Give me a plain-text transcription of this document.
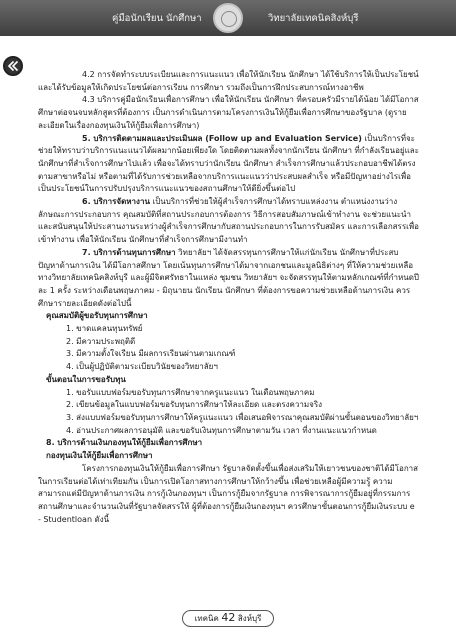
คู่มือนักเรียน นักศึกษา	วิทยาลัยเทคนิคสิงห์บุรี

4.2 การจัดทำระบบระเบียนและการแนะแนว เพื่อให้นักเรียน นักศึกษา ได้ใช้บริการให้เป็นประโยชน์และได้รับข้อมูลให้เกิดประโยชน์ต่อการเรียน การศึกษา รวมถึงเป็นการฝึกประสบการณ์ทางอาชีพ

4.3 บริการคู่มือนักเรียนเพื่อการศึกษา เพื่อให้นักเรียน นักศึกษา ที่ครอบครัวมีรายได้น้อย ได้มีโอกาสศึกษาต่อจนจบหลักสูตรที่ต้องการ เป็นการดำเนินการตามโครงการเงินให้กู้ยืมเพื่อการศึกษาของรัฐบาล (ดูรายละเอียดในเรื่องกองทุนเงินให้กู้ยืมเพื่อการศึกษา)

5. บริการติดตามผลและประเมินผล (Follow up and Evaluation Service) เป็นบริการที่จะช่วยให้ทราบว่าบริการแนะแนวได้ผลมากน้อยเพียงใด โดยติดตามผลทั้งจากนักเรียน นักศึกษา ที่กำลังเรียนอยู่และนักศึกษาที่สำเร็จการศึกษาไปแล้ว เพื่อจะได้ทราบว่านักเรียน นักศึกษา สำเร็จการศึกษาแล้วประกอบอาชีพได้ตรงตามสาขาหรือไม่ หรือตามที่ได้รับการช่วยเหลือจากบริการแนะแนวว่าประสบผลสำเร็จ หรือมีปัญหาอย่างไรเพื่อเป็นประโยชน์ในการปรับปรุงบริการแนะแนวของสถานศึกษาให้ดียิ่งขึ้นต่อไป

6. บริการจัดหางาน เป็นบริการที่ช่วยให้ผู้สำเร็จการศึกษาได้ทราบแหล่งงาน ตำแหน่งงานว่าง ลักษณะการประกอบการ คุณสมบัติที่สถานประกอบการต้องการ วิธีการสอบสัมภาษณ์เข้าทำงาน จะช่วยแนะนำและสนับสนุนให้ประสานงานระหว่างผู้สำเร็จการศึกษากับสถานประกอบการในการรับสมัคร และการเลือกสรรเพื่อเข้าทำงาน เพื่อให้นักเรียน นักศึกษาที่สำเร็จการศึกษามีงานทำ

7. บริการด้านทุนการศึกษา วิทยาลัยฯ ได้จัดสรรทุนการศึกษาให้แก่นักเรียน นักศึกษาที่ประสบปัญหาด้านการเงิน ได้มีโอกาสศึกษา โดยเน้นทุนการศึกษาได้มาจากเอกชนและมูลนิธิต่างๆ ที่ให้ความช่วยเหลือทางวิทยาลัยเทคนิคสิงห์บุรี และผู้มีจิตศรัทธาในแหล่ง ชุมชน วิทยาลัยฯ จะจัดสรรทุนให้ตามหลักเกณฑ์ที่กำหนดปีละ 1 ครั้ง ระหว่างเดือนพฤษภาคม - มิถุนายน นักเรียน นักศึกษา ที่ต้องการขอความช่วยเหลือด้านการเงิน ควรศึกษารายละเอียดดังต่อไปนี้

คุณสมบัติผู้ขอรับทุนการศึกษา

1. ขาดแคลนทุนทรัพย์

2. มีความประพฤติดี

3. มีความตั้งใจเรียน มีผลการเรียนผ่านตามเกณฑ์

4. เป็นผู้ปฏิบัติตามระเบียบวินัยของวิทยาลัยฯ

ขั้นตอนในการขอรับทุน

1. ขอรับแบบฟอร์มขอรับทุนการศึกษาจากครูแนะแนว ในเดือนพฤษภาคม

2. เขียนข้อมูลในแบบฟอร์มขอรับทุนการศึกษาให้ละเอียด และตรงความจริง

3. ส่งแบบฟอร์มขอรับทุนการศึกษาให้ครูแนะแนว เพื่อเสนอพิจารณาคุณสมบัติผ่านขั้นตอนของวิทยาลัยฯ

4. อ่านประกาศผลการอนุมัติ และขอรับเงินทุนการศึกษาตามวัน เวลา ที่งานแนะแนวกำหนด

8. บริการด้านเงินกองทุนให้กู้ยืมเพื่อการศึกษา

กองทุนเงินให้กู้ยืมเพื่อการศึกษา

โครงการกองทุนเงินให้กู้ยืมเพื่อการศึกษา รัฐบาลจัดตั้งขึ้นเพื่อส่งเสริมให้เยาวชนของชาติได้มีโอกาสในการเรียนต่อได้เท่าเทียมกัน เป็นการเปิดโอกาสทางการศึกษาให้กว้างขึ้น เพื่อช่วยเหลือผู้มีความรู้ ความสามารถแต่มีปัญหาด้านการเงิน การกู้เงินกองทุนฯ เป็นการกู้ยืมจากรัฐบาล การพิจารณาการกู้ยืมอยู่ที่กรรมการสถานศึกษาและจำนวนเงินที่รัฐบาลจัดสรรให้ ผู้ที่ต้องการกู้ยืมเงินกองทุนฯ ควรศึกษาขั้นตอนการกู้ยืมเงินระบบ e - Studentloan ดังนี้

เทคนิค 42 สิงห์บุรี
